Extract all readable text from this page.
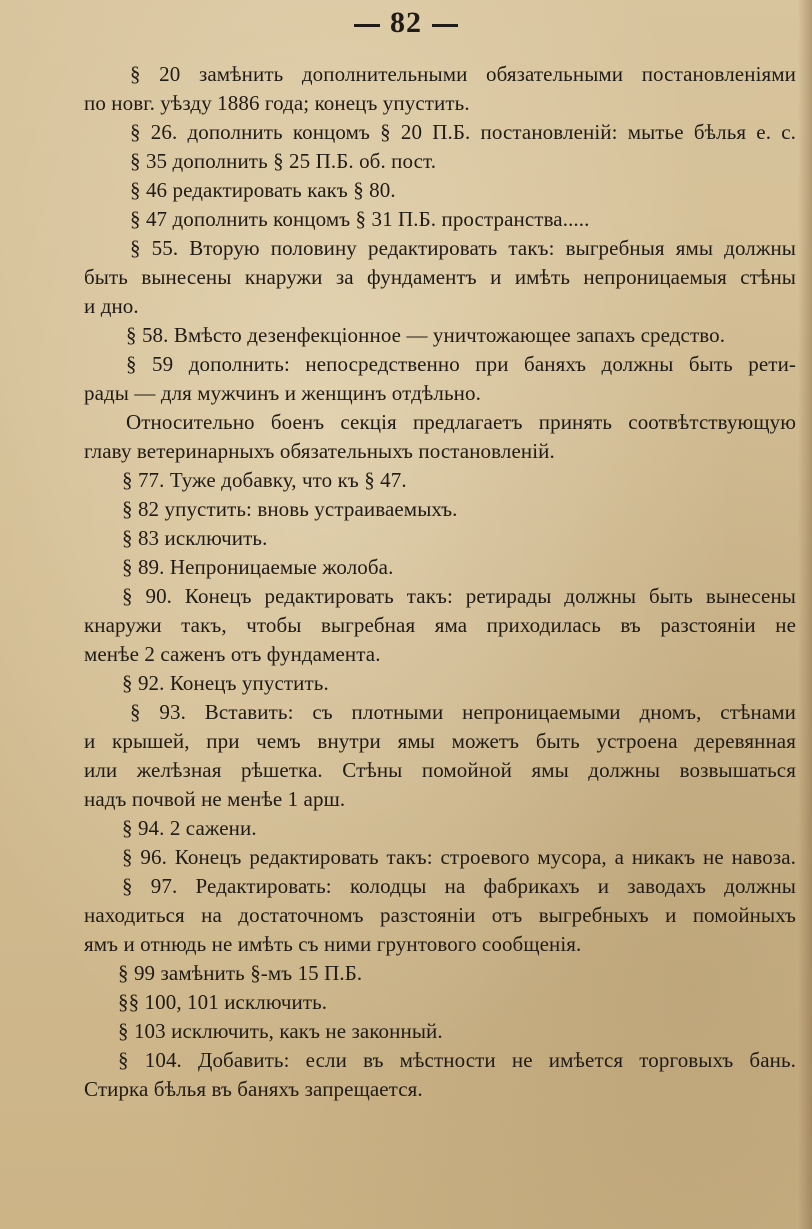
82
§ 20 замѣнить дополнительными обязательными постановленіями
по новг. уѣзду 1886 года; конецъ упустить.
§ 26. дополнить концомъ § 20 П.Б. постановленій: мытье бѣлья е. с.
§ 35 дополнить § 25 П.Б. об. пост.
§ 46 редактировать какъ § 80.
§ 47 дополнить концомъ § 31 П.Б. пространства.....
§ 55. Вторую половину редактировать такъ: выгребныя ямы должны
быть вынесены кнаружи за фундаментъ и имѣть непроницаемыя стѣны
и дно.
§ 58. Вмѣсто дезенфекціонное — уничтожающее запахъ средство.
§ 59 дополнить: непосредственно при баняхъ должны быть рети-
рады — для мужчинъ и женщинъ отдѣльно.
Относительно боенъ секція предлагаетъ принять соотвѣтствующую
главу ветеринарныхъ обязательныхъ постановленій.
§ 77. Туже добавку, что къ § 47.
§ 82 упустить: вновь устраиваемыхъ.
§ 83 исключить.
§ 89. Непроницаемые жолоба.
§ 90. Конецъ редактировать такъ: ретирады должны быть вынесены
кнаружи такъ, чтобы выгребная яма приходилась въ разстояніи не
менѣе 2 саженъ отъ фундамента.
§ 92. Конецъ упустить.
§ 93. Вставить: съ плотными непроницаемыми дномъ, стѣнами
и крышей, при чемъ внутри ямы можетъ быть устроена деревянная
или желѣзная рѣшетка. Стѣны помойной ямы должны возвышаться
надъ почвой не менѣе 1 арш.
§ 94. 2 сажени.
§ 96. Конецъ редактировать такъ: строевого мусора, а никакъ не навоза.
§ 97. Редактировать: колодцы на фабрикахъ и заводахъ должны
находиться на достаточномъ разстояніи отъ выгребныхъ и помойныхъ
ямъ и отнюдь не имѣть съ ними грунтового сообщенія.
§ 99 замѣнить §-мъ 15 П.Б.
§§ 100, 101 исключить.
§ 103 исключить, какъ не законный.
§ 104. Добавить: если въ мѣстности не имѣется торговыхъ бань.
Стирка бѣлья въ баняхъ запрещается.
